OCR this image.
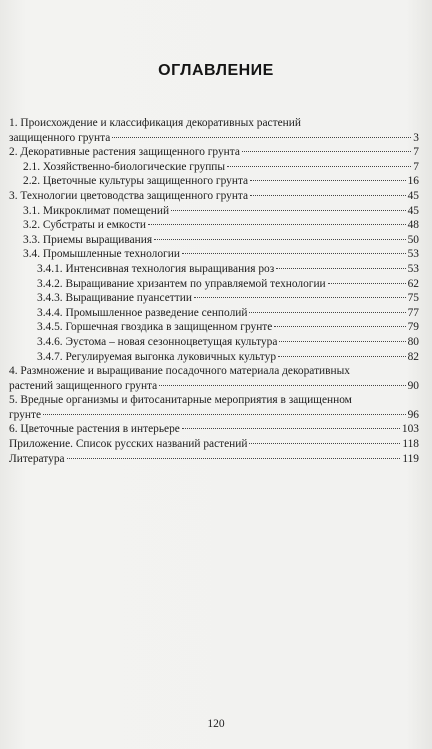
ОГЛАВЛЕНИЕ
1. Происхождение и классификация декоративных растений
защищенного грунта	3
2. Декоративные растения защищенного грунта	7
2.1. Хозяйственно-биологические группы	7
2.2. Цветочные культуры защищенного грунта	16
3. Технологии цветоводства защищенного грунта	45
3.1. Микроклимат помещений	45
3.2. Субстраты и емкости	48
3.3. Приемы выращивания	50
3.4. Промышленные технологии	53
3.4.1. Интенсивная технология выращивания роз	53
3.4.2. Выращивание хризантем по управляемой технологии	62
3.4.3. Выращивание пуансеттии	75
3.4.4. Промышленное разведение сенполий	77
3.4.5. Горшечная гвоздика в защищенном грунте	79
3.4.6. Эустома – новая сезонноцветущая культура	80
3.4.7. Регулируемая выгонка луковичных культур	82
4. Размножение и выращивание посадочного материала декоративных
растений защищенного грунта	90
5. Вредные организмы и фитосанитарные мероприятия в защищенном
грунте	96
6. Цветочные растения в интерьере	103
Приложение. Список русских названий растений	118
Литература	119
120
